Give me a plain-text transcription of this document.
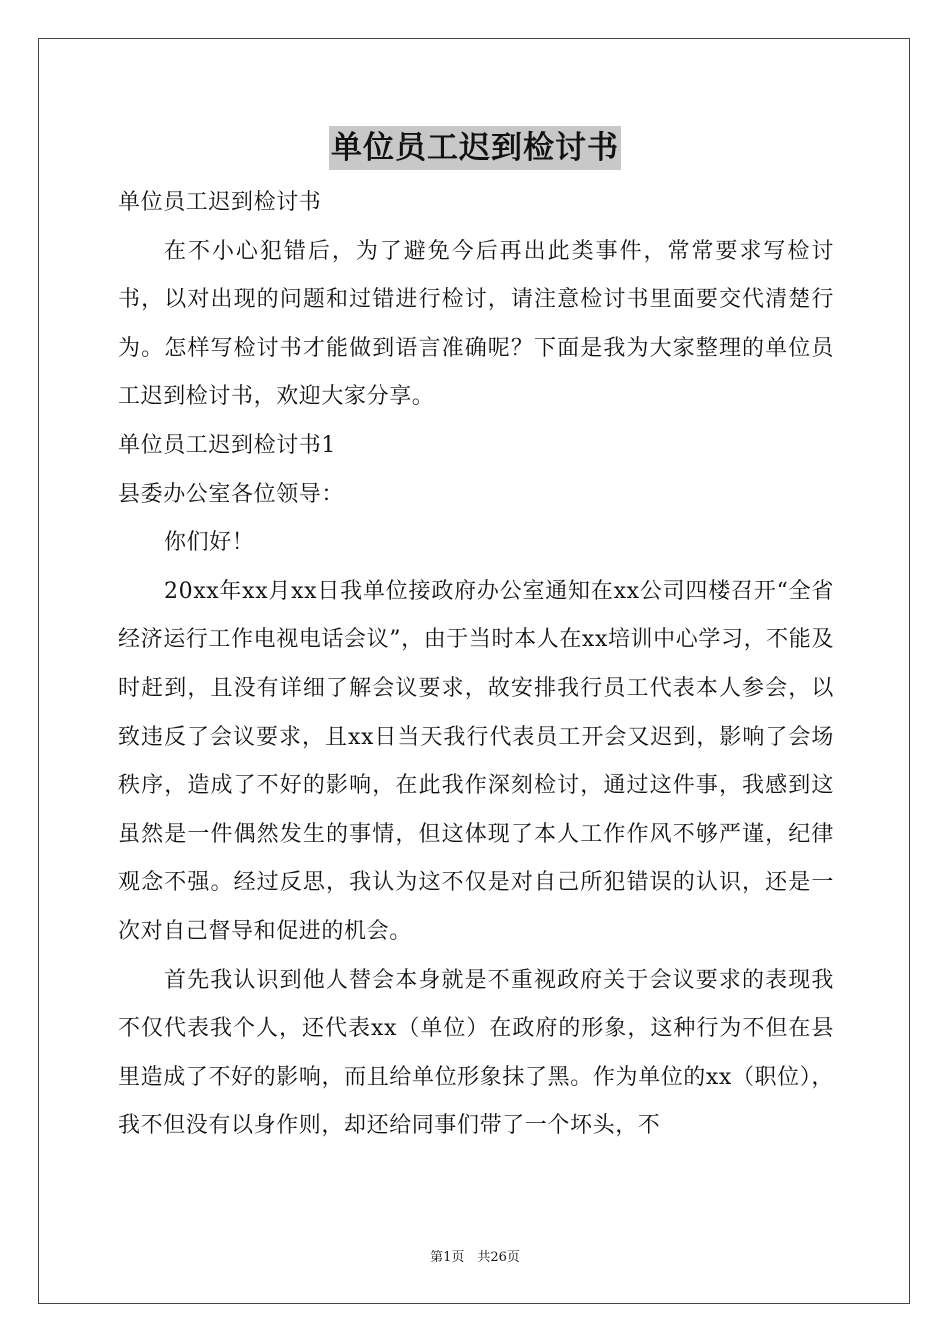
单位员工迟到检讨书

单位员工迟到检讨书

在不小心犯错后，为了避免今后再出此类事件，常常要求写检讨书，以对出现的问题和过错进行检讨，请注意检讨书里面要交代清楚行为。怎样写检讨书才能做到语言准确呢？下面是我为大家整理的单位员工迟到检讨书，欢迎大家分享。

单位员工迟到检讨书1

县委办公室各位领导：

你们好！

20xx年xx月xx日我单位接政府办公室通知在xx公司四楼召开“全省经济运行工作电视电话会议”，由于当时本人在xx培训中心学习，不能及时赶到，且没有详细了解会议要求，故安排我行员工代表本人参会，以致违反了会议要求，且xx日当天我行代表员工开会又迟到，影响了会场秩序，造成了不好的影响，在此我作深刻检讨，通过这件事，我感到这虽然是一件偶然发生的事情，但这体现了本人工作作风不够严谨，纪律观念不强。经过反思，我认为这不仅是对自己所犯错误的认识，还是一次对自己督导和促进的机会。

首先我认识到他人替会本身就是不重视政府关于会议要求的表现我不仅代表我个人，还代表xx（单位）在政府的形象，这种行为不但在县里造成了不好的影响，而且给单位形象抹了黑。作为单位的xx（职位），我不但没有以身作则，却还给同事们带了一个坏头，不

第1页　共26页
